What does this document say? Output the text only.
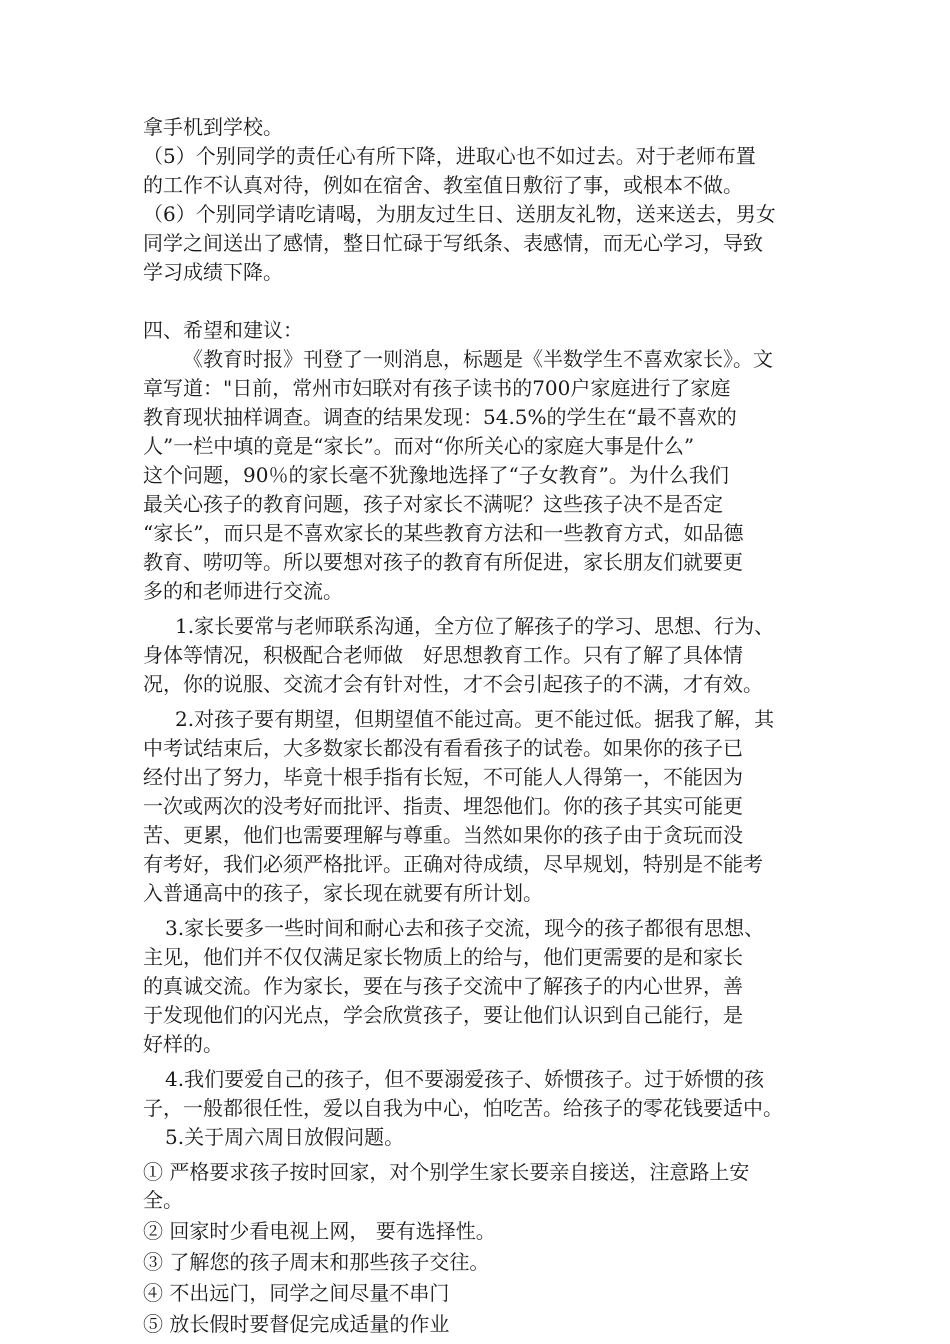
拿手机到学校。
（5）个别同学的责任心有所下降，进取心也不如过去。对于老师布置
的工作不认真对待，例如在宿舍、教室值日敷衍了事，或根本不做。
（6）个别同学请吃请喝，为朋友过生日、送朋友礼物，送来送去，男女
同学之间送出了感情，整日忙碌于写纸条、表感情，而无心学习，导致
学习成绩下降。
四、希望和建议：
《教育时报》刊登了一则消息，标题是《半数学生不喜欢家长》。文
章写道："日前，常州市妇联对有孩子读书的700户家庭进行了家庭
教育现状抽样调查。调查的结果发现：54.5%的学生在“最不喜欢的
人”一栏中填的竟是“家长”。而对“你所关心的家庭大事是什么”
这个问题，90％的家长毫不犹豫地选择了“子女教育”。为什么我们
最关心孩子的教育问题，孩子对家长不满呢？这些孩子决不是否定
“家长”，而只是不喜欢家长的某些教育方法和一些教育方式，如品德
教育、唠叨等。所以要想对孩子的教育有所促进，家长朋友们就要更
多的和老师进行交流。
1.家长要常与老师联系沟通，全方位了解孩子的学习、思想、行为、
身体等情况，积极配合老师做　好思想教育工作。只有了解了具体情
况，你的说服、交流才会有针对性，才不会引起孩子的不满，才有效。
2.对孩子要有期望，但期望值不能过高。更不能过低。据我了解，其
中考试结束后，大多数家长都没有看看孩子的试卷。如果你的孩子已
经付出了努力，毕竟十根手指有长短，不可能人人得第一，不能因为
一次或两次的没考好而批评、指责、埋怨他们。你的孩子其实可能更
苦、更累，他们也需要理解与尊重。当然如果你的孩子由于贪玩而没
有考好，我们必须严格批评。正确对待成绩，尽早规划，特别是不能考
入普通高中的孩子，家长现在就要有所计划。
3.家长要多一些时间和耐心去和孩子交流，现今的孩子都很有思想、
主见，他们并不仅仅满足家长物质上的给与，他们更需要的是和家长
的真诚交流。作为家长，要在与孩子交流中了解孩子的内心世界，善
于发现他们的闪光点，学会欣赏孩子，要让他们认识到自己能行，是
好样的。
4.我们要爱自己的孩子，但不要溺爱孩子、娇惯孩子。过于娇惯的孩
子，一般都很任性，爱以自我为中心，怕吃苦。给孩子的零花钱要适中。
5.关于周六周日放假问题。
① 严格要求孩子按时回家，对个别学生家长要亲自接送，注意路上安
全。
② 回家时少看电视上网， 要有选择性。
③ 了解您的孩子周末和那些孩子交往。
④ 不出远门，同学之间尽量不串门
⑤ 放长假时要督促完成适量的作业
